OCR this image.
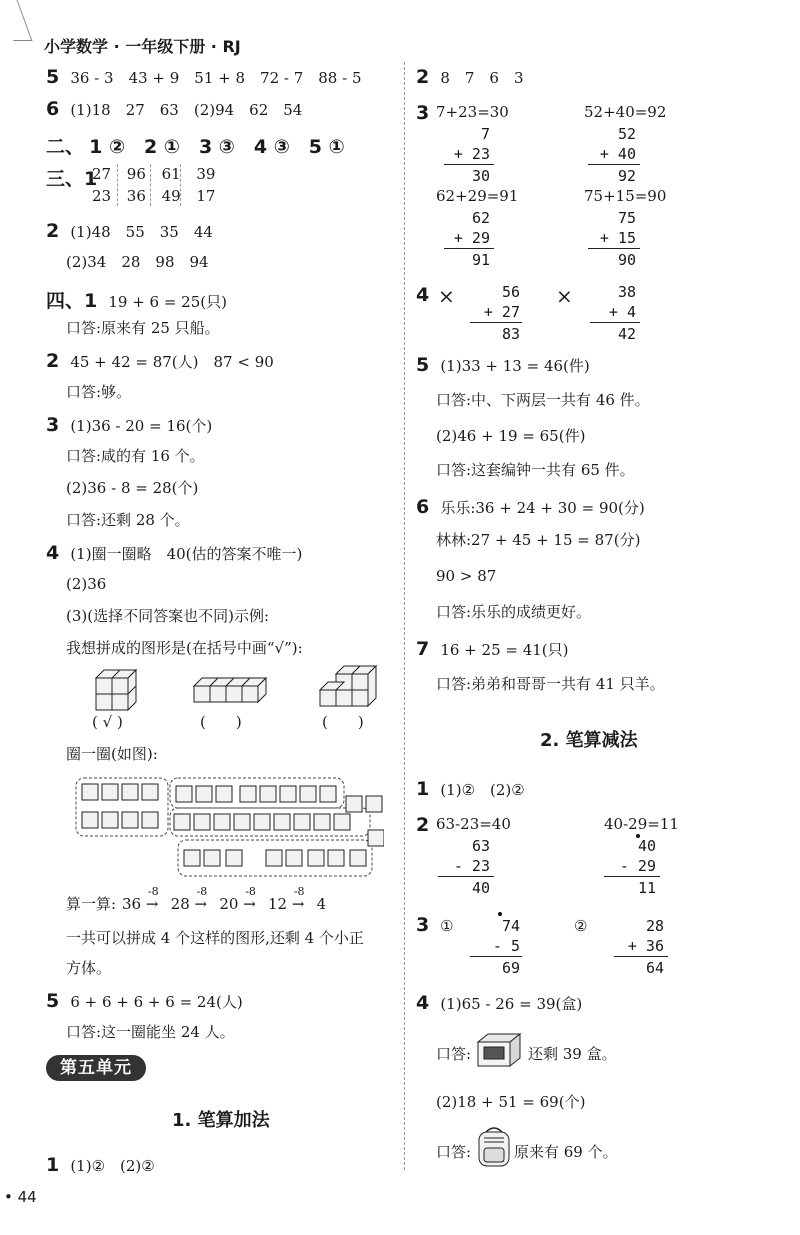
小学数学 · 一年级下册 · RJ
5 36 - 3　43 + 9　51 + 8　72 - 7　88 - 5
6 (1)18　27　63　(2)94　62　54
二、 1 ②　2 ①　3 ③　4 ③　5 ①
三、1
27 96 61 39
23 36 49 17
2 (1)48　55　35　44
(2)34　28　98　94
四、1 19 + 6 = 25(只)
口答:原来有 25 只船。
2 45 + 42 = 87(人)　87 < 90
口答:够。
3 (1)36 - 20 = 16(个)
口答:咸的有 16 个。
(2)36 - 8 = 28(个)
口答:还剩 28 个。
4 (1)圈一圈略　40(估的答案不唯一)
(2)36
(3)(选择不同答案也不同)示例:
我想拼成的图形是(在括号中画“√”):
( √ )	(　　)	(　　)
圈一圈(如图):
算一算: 36
-8
→ 28
-8
→ 20
-8
→ 12
-8
→ 4
一共可以拼成 4 个这样的图形,还剩 4 个小正
方体。
5 6 + 6 + 6 + 6 = 24(人)
口答:这一圈能坐 24 人。
第五单元
1. 笔算加法
1 (1)②　(2)②
• 44
2 8　7　6　3
3 7+23=30	52+40=92
7
+ 23
30
52
+ 40
92
62+29=91	75+15=90
62
+ 29
91
75
+ 15
90
4 ×	56
+ 27
83
×	38
+ 4
42
5 (1)33 + 13 = 46(件)
口答:中、下两层一共有 46 件。
(2)46 + 19 = 65(件)
口答:这套编钟一共有 65 件。
6 乐乐:36 + 24 + 30 = 90(分)
林林:27 + 45 + 15 = 87(分)
90 > 87
口答:乐乐的成绩更好。
7 16 + 25 = 41(只)
口答:弟弟和哥哥一共有 41 只羊。
2. 笔算减法
1 (1)②　(2)②
2 63-23=40	40-29=11
63
- 23
40
40
- 29
11
3 ①	74
- 5
69
②	28
+ 36
64
4 (1)65 - 26 = 39(盒)
口答:	还剩 39 盒。
(2)18 + 51 = 69(个)
口答:	原来有 69 个。
